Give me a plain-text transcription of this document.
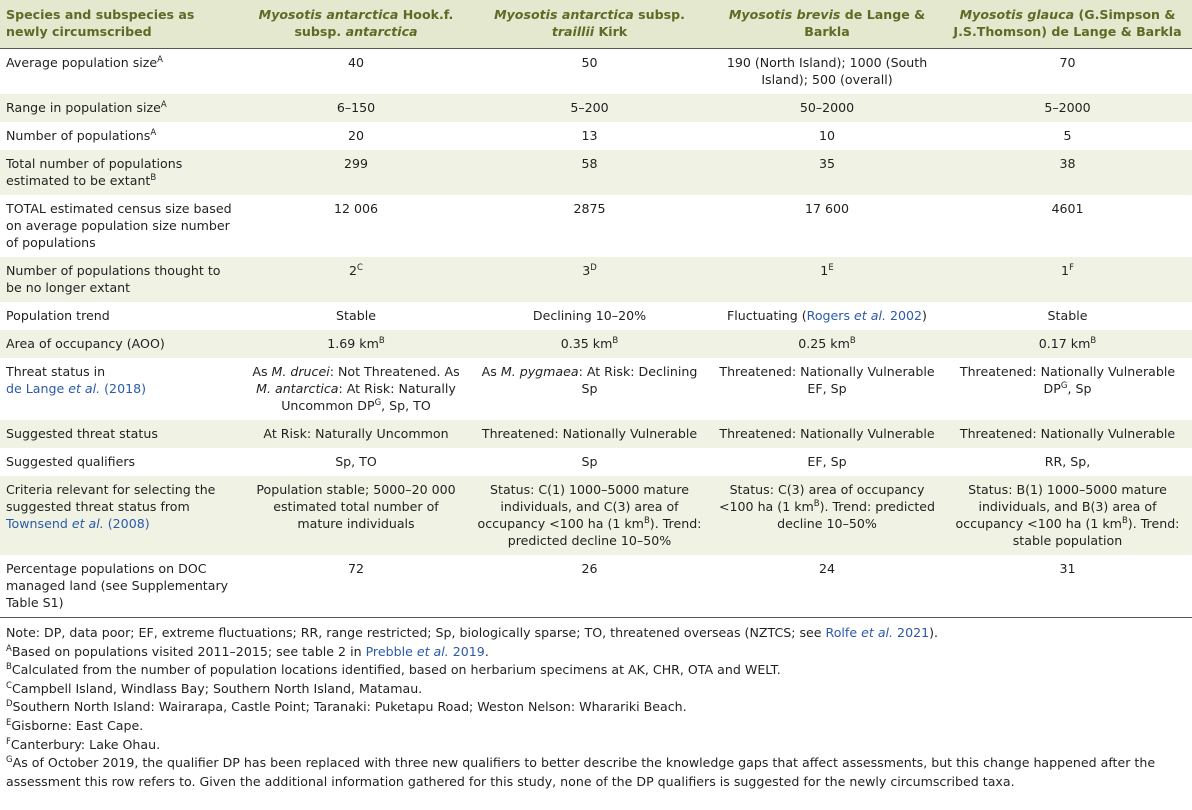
Species and subspecies as newly circumscribed	Myosotis antarctica Hook.f. subsp. antarctica	Myosotis antarctica subsp. traillii Kirk	Myosotis brevis de Lange & Barkla	Myosotis glauca (G.Simpson & J.S.Thomson) de Lange & Barkla
Average population size$^A$	40	50	190 (North Island); 1000 (South Island); 500 (overall)	70
Range in population size$^A$	6–150	5–200	50–2000	5–2000
Number of populations$^A$	20	13	10	5
Total number of populations estimated to be extant$^B$	299	58	35	38
TOTAL estimated census size based on average population size number of populations	12 006	2875	17 600	4601
Number of populations thought to be no longer extant	$2^C$	$3^D$	$1^E$	$1^F$
Population trend	Stable	Declining 10–20%	Fluctuating (Rogers et al. 2002)	Stable
Area of occupancy (AOO)	1.69 $km^B$	0.35 $km^B$	0.25 $km^B$	0.17 $km^B$
Threat status in
de Lange et al. (2018)	As M. drucei: Not Threatened. As M. antarctica: At Risk: Naturally Uncommon $DP^G$, Sp, TO	As M. pygmaea: At Risk: Declining Sp	Threatened: Nationally Vulnerable EF, Sp	Threatened: Nationally Vulnerable $DP^G$, Sp
Suggested threat status	At Risk: Naturally Uncommon	Threatened: Nationally Vulnerable	Threatened: Nationally Vulnerable	Threatened: Nationally Vulnerable
Suggested qualifiers	Sp, TO	Sp	EF, Sp	RR, Sp,
Criteria relevant for selecting the suggested threat status from Townsend et al. (2008)	Population stable; 5000–20 000 estimated total number of mature individuals	Status: C(1) 1000–5000 mature individuals, and C(3) area of occupancy <100 ha (1 $km^B$). Trend: predicted decline 10–50%	Status: C(3) area of occupancy <100 ha (1 $km^B$). Trend: predicted decline 10–50%	Status: B(1) 1000–5000 mature individuals, and B(3) area of occupancy <100 ha (1 $km^B$). Trend: stable population
Percentage populations on DOC managed land (see Supplementary Table S1)	72	26	24	31

Note: DP, data poor; EF, extreme fluctuations; RR, range restricted; Sp, biologically sparse; TO, threatened overseas (NZTCS; see Rolfe et al. 2021).

$^A$Based on populations visited 2011–2015; see table 2 in Prebble et al. 2019.

$^B$Calculated from the number of population locations identified, based on herbarium specimens at AK, CHR, OTA and WELT.

$^C$Campbell Island, Windlass Bay; Southern North Island, Matamau.

$^D$Southern North Island: Wairarapa, Castle Point; Taranaki: Puketapu Road; Weston Nelson: Wharariki Beach.

$^E$Gisborne: East Cape.

$^F$Canterbury: Lake Ohau.

$^G$As of October 2019, the qualifier DP has been replaced with three new qualifiers to better describe the knowledge gaps that affect assessments, but this change happened after the assessment this row refers to. Given the additional information gathered for this study, none of the DP qualifiers is suggested for the newly circumscribed taxa.
